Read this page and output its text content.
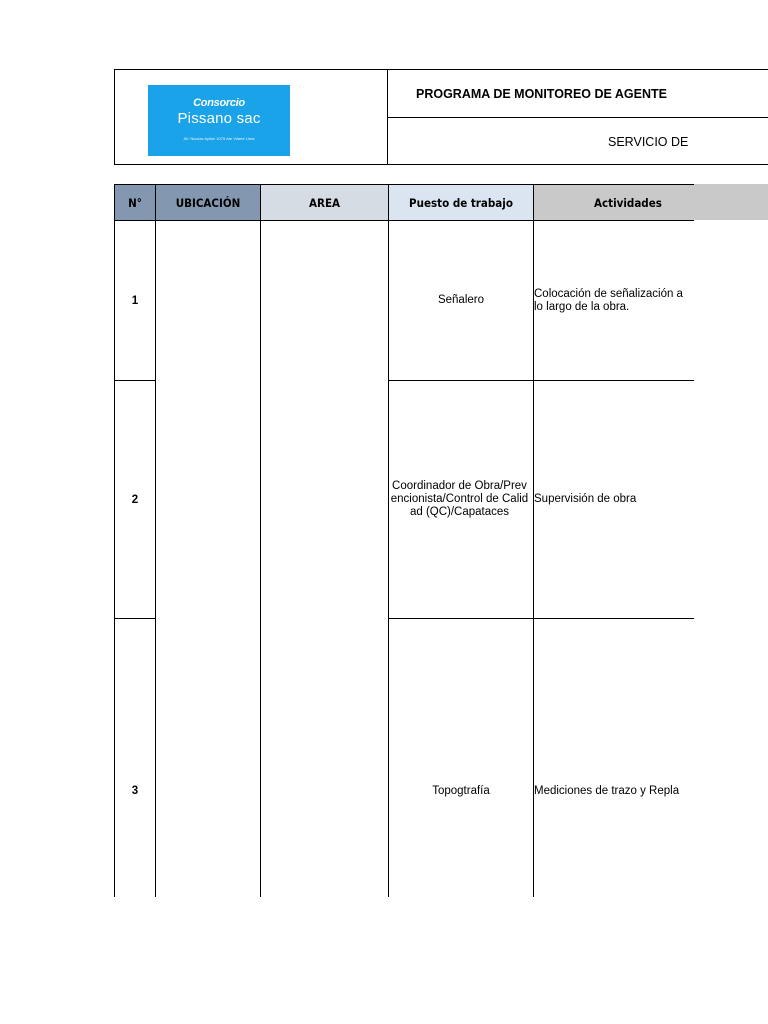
Consorcio
Pissano sac
AV. Nicolas Ayllón 1075 Ate Vitarte Lima
PROGRAMA DE MONITOREO DE AGENTE
SERVICIO DE
N°	UBICACIÓN	AREA	Puesto de trabajo	Actividades
1			Señalero	Colocación de señalización a lo largo de la obra.

2			Coordinador de Obra/Prevencionista/Control de Calidad (QC)/Capataces	Supervisión de obra

3			Topogtrafía	Mediciones de trazo y Repla
